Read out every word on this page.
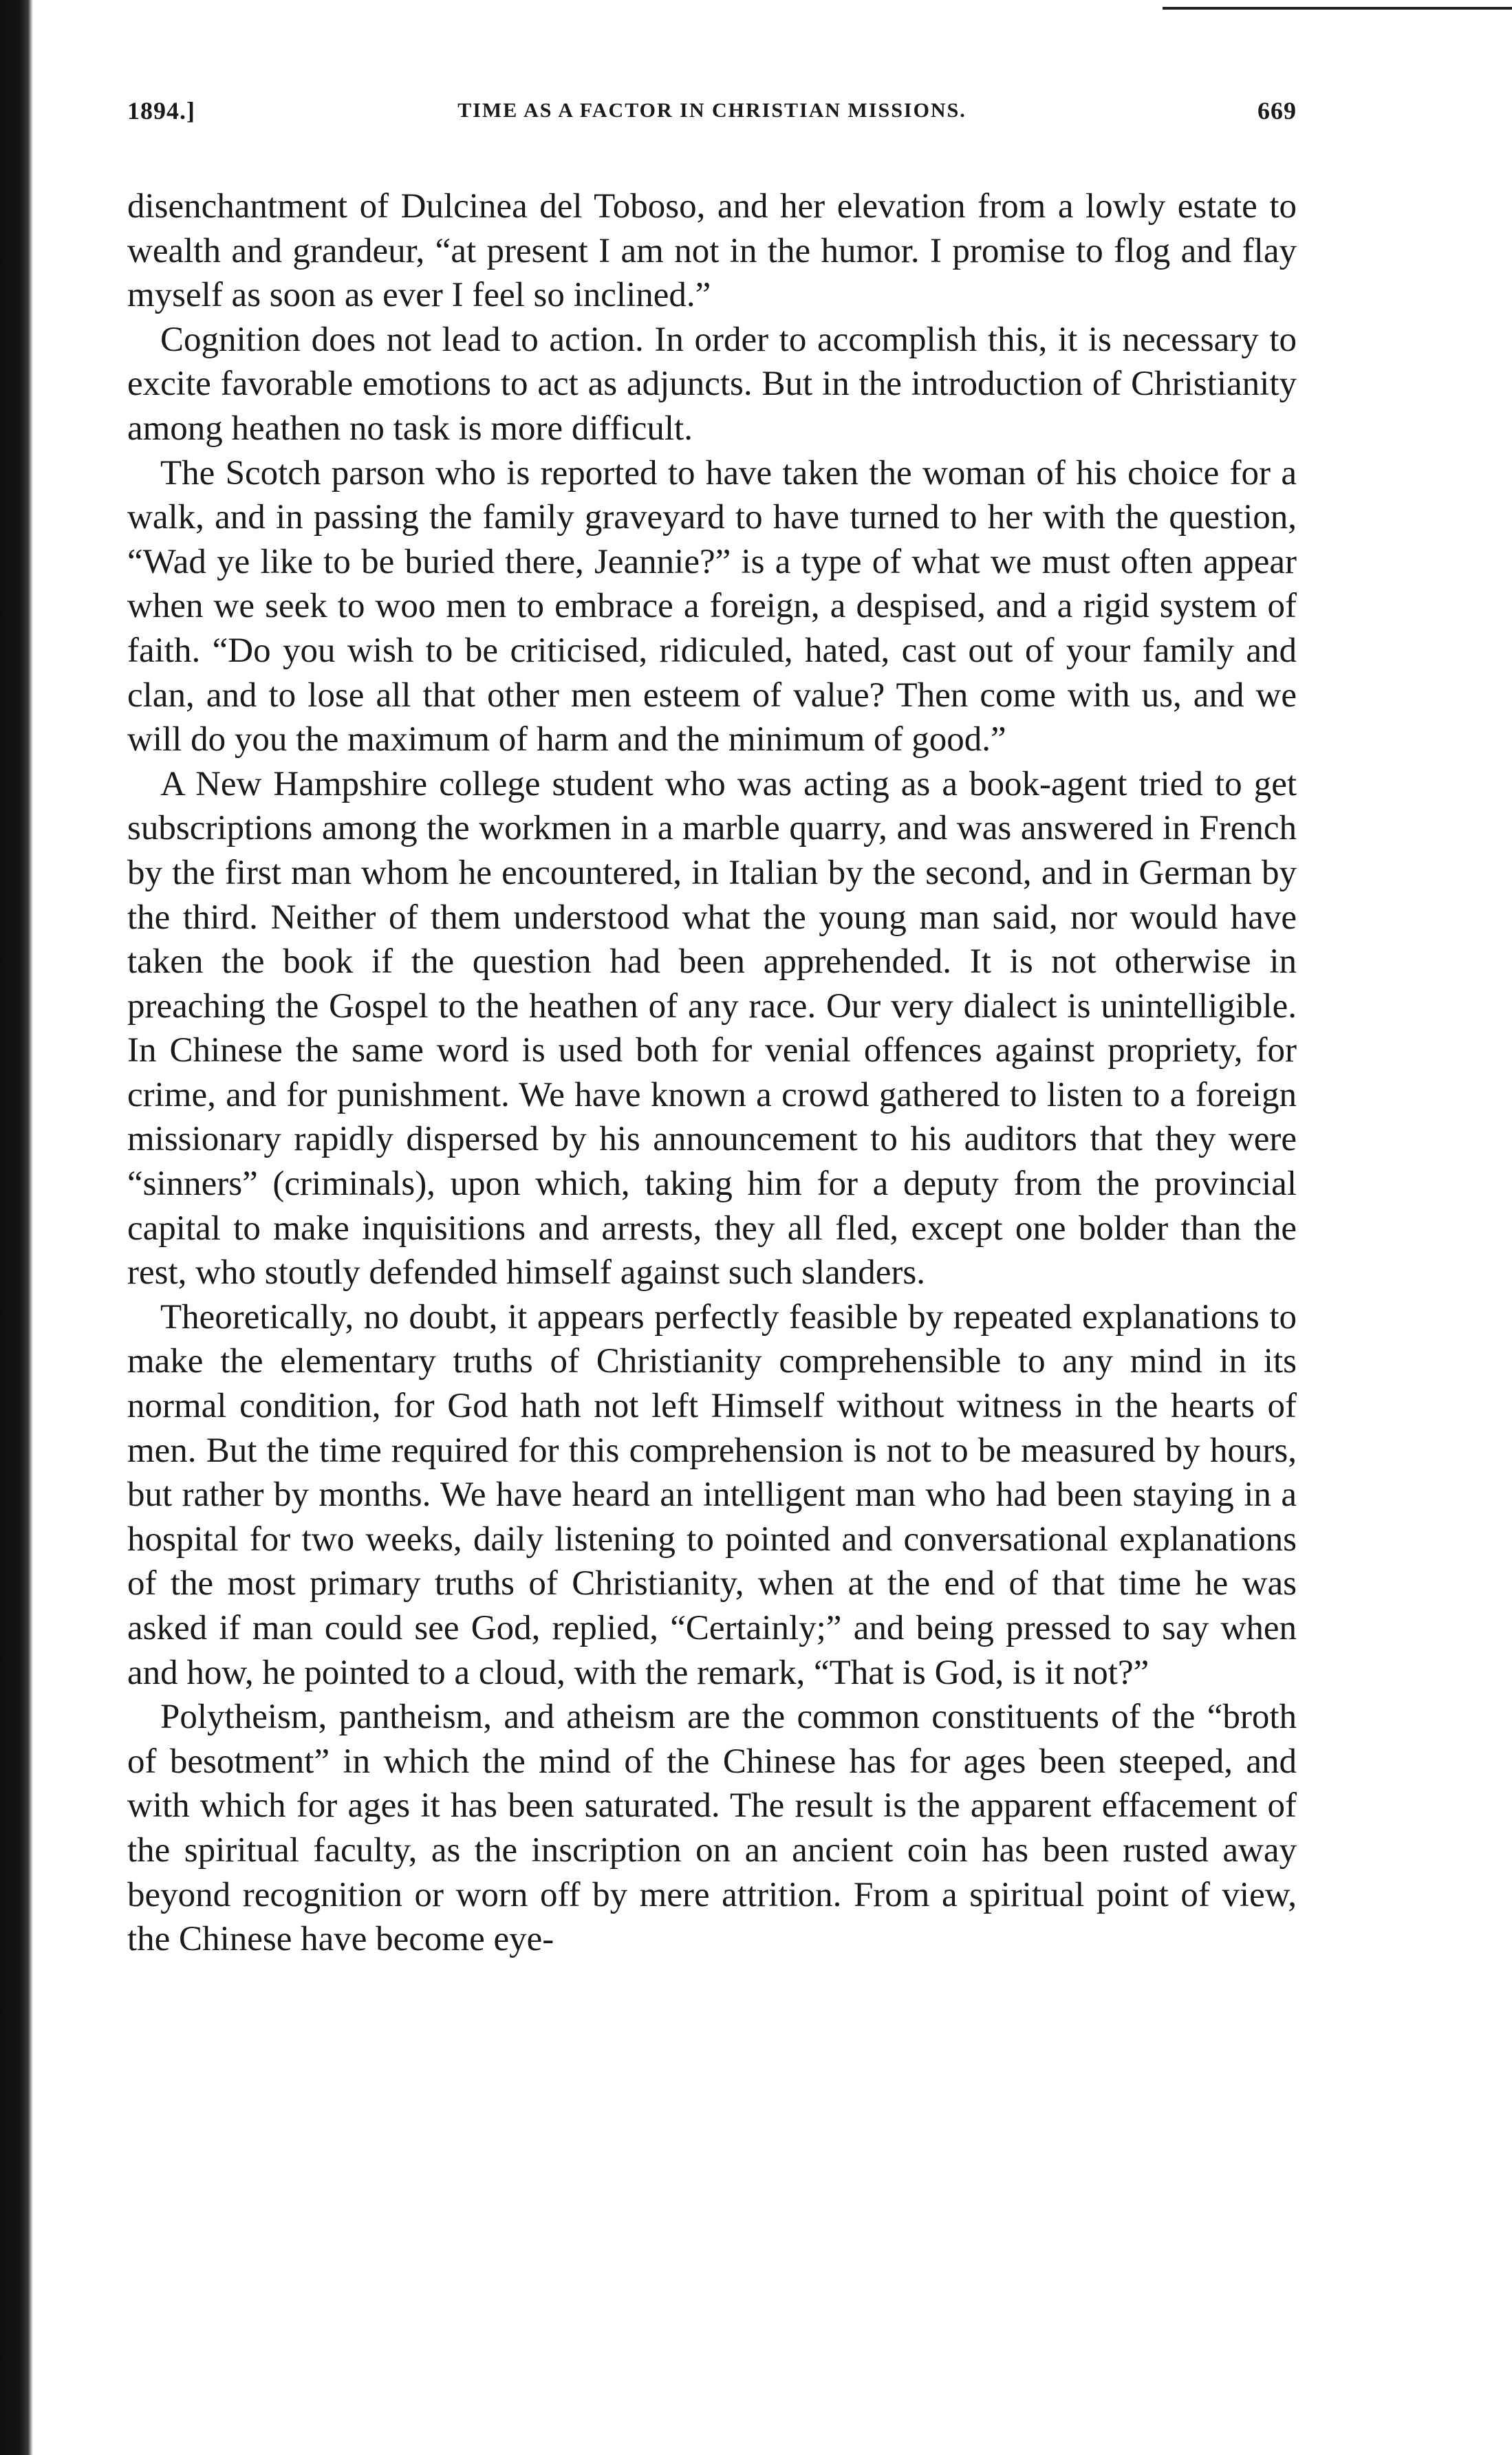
1894.]	TIME AS A FACTOR IN CHRISTIAN MISSIONS.	669

disenchantment of Dulcinea del Toboso, and her elevation from a lowly estate to wealth and grandeur, “at present I am not in the humor. I promise to flog and flay myself as soon as ever I feel so inclined.”

Cognition does not lead to action. In order to accomplish this, it is necessary to excite favorable emotions to act as adjuncts. But in the introduction of Christianity among heathen no task is more difficult.

The Scotch parson who is reported to have taken the woman of his choice for a walk, and in passing the family graveyard to have turned to her with the question, “Wad ye like to be buried there, Jeannie?” is a type of what we must often appear when we seek to woo men to embrace a foreign, a despised, and a rigid system of faith. “Do you wish to be criticised, ridiculed, hated, cast out of your family and clan, and to lose all that other men esteem of value? Then come with us, and we will do you the maximum of harm and the minimum of good.”

A New Hampshire college student who was acting as a book-agent tried to get subscriptions among the workmen in a marble quarry, and was answered in French by the first man whom he encountered, in Italian by the second, and in German by the third. Neither of them understood what the young man said, nor would have taken the book if the question had been apprehended. It is not otherwise in preaching the Gospel to the heathen of any race. Our very dialect is unintelligible. In Chinese the same word is used both for venial offences against propriety, for crime, and for punishment. We have known a crowd gathered to listen to a foreign missionary rapidly dispersed by his announcement to his auditors that they were “sinners” (criminals), upon which, taking him for a deputy from the provincial capital to make inquisitions and arrests, they all fled, except one bolder than the rest, who stoutly defended himself against such slanders.

Theoretically, no doubt, it appears perfectly feasible by repeated explanations to make the elementary truths of Christianity comprehensible to any mind in its normal condition, for God hath not left Himself without witness in the hearts of men. But the time required for this comprehension is not to be measured by hours, but rather by months. We have heard an intelligent man who had been staying in a hospital for two weeks, daily listening to pointed and conversational explanations of the most primary truths of Christianity, when at the end of that time he was asked if man could see God, replied, “Certainly;” and being pressed to say when and how, he pointed to a cloud, with the remark, “That is God, is it not?”

Polytheism, pantheism, and atheism are the common constituents of the “broth of besotment” in which the mind of the Chinese has for ages been steeped, and with which for ages it has been saturated. The result is the apparent effacement of the spiritual faculty, as the inscription on an ancient coin has been rusted away beyond recognition or worn off by mere attrition. From a spiritual point of view, the Chinese have become eye-
